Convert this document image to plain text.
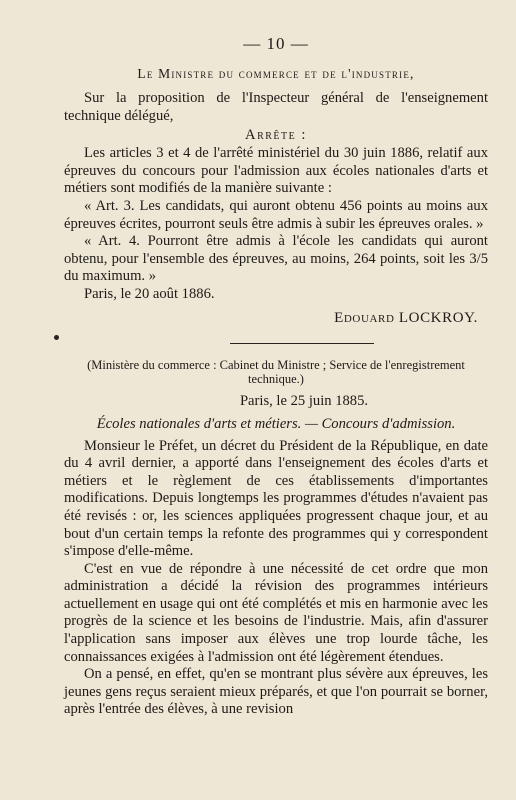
— 10 —
Le Ministre du commerce et de l'industrie,

Sur la proposition de l'Inspecteur général de l'enseignement technique délégué,

Arrête :

Les articles 3 et 4 de l'arrêté ministériel du 30 juin 1886, relatif aux épreuves du concours pour l'admission aux écoles nationales d'arts et métiers sont modifiés de la manière suivante :

« Art. 3. Les candidats, qui auront obtenu 456 points au moins aux épreuves écrites, pourront seuls être admis à subir les épreuves orales. »

« Art. 4. Pourront être admis à l'école les candidats qui auront obtenu, pour l'ensemble des épreuves, au moins, 264 points, soit les 3/5 du maximum. »

Paris, le 20 août 1886.

Edouard LOCKROY.
(Ministère du commerce : Cabinet du Ministre ; Service de l'enregistrement technique.)
Paris, le 25 juin 1885.
Écoles nationales d'arts et métiers. — Concours d'admission.

Monsieur le Préfet, un décret du Président de la République, en date du 4 avril dernier, a apporté dans l'enseignement des écoles d'arts et métiers et le règlement de ces établissements d'importantes modifications. Depuis longtemps les programmes d'études n'avaient pas été revisés : or, les sciences appliquées progressent chaque jour, et au bout d'un certain temps la refonte des programmes qui y correspondent s'impose d'elle-même.

C'est en vue de répondre à une nécessité de cet ordre que mon administration a décidé la révision des programmes intérieurs actuellement en usage qui ont été complétés et mis en harmonie avec les progrès de la science et les besoins de l'industrie. Mais, afin d'assurer l'application sans imposer aux élèves une trop lourde tâche, les connaissances exigées à l'admission ont été légèrement étendues.

On a pensé, en effet, qu'en se montrant plus sévère aux épreuves, les jeunes gens reçus seraient mieux préparés, et que l'on pourrait se borner, après l'entrée des élèves, à une revision
